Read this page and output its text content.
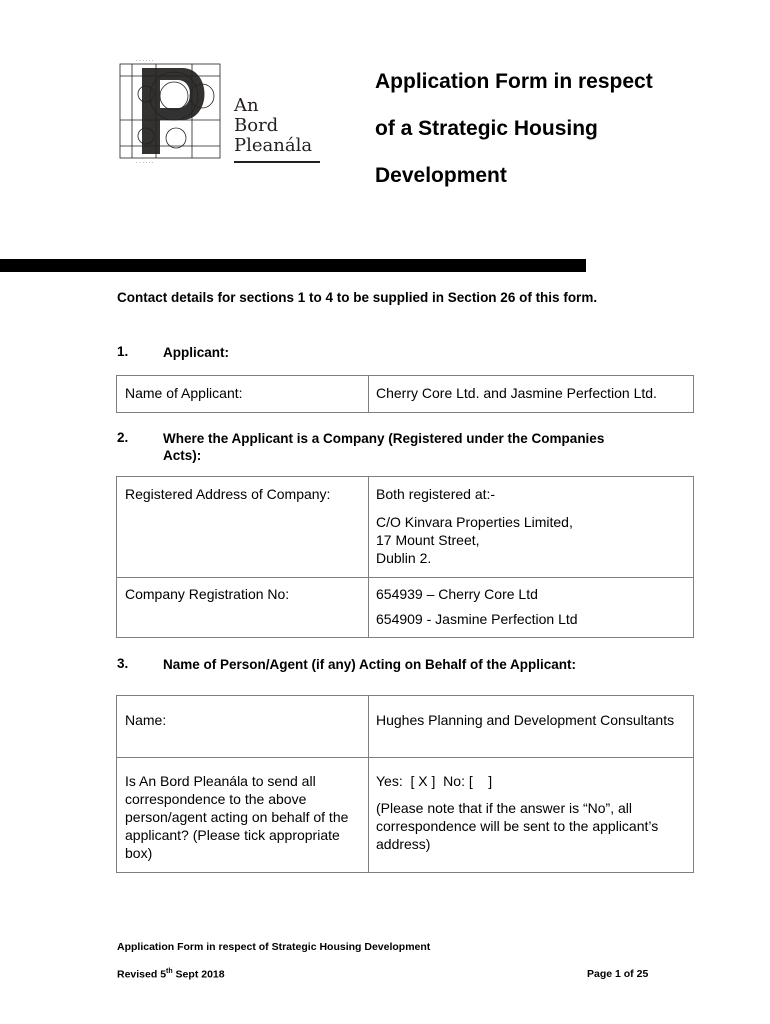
· · · · · ·
· · · · · ·
An
Bord
Pleanála
Application Form in respect
of a Strategic Housing
Development
Contact details for sections 1 to 4 to be supplied in Section 26 of this form.
1.	Applicant:
Name of Applicant:	Cherry Core Ltd. and Jasmine Perfection Ltd.
2.	Where the Applicant is a Company (Registered under the Companies Acts):
Registered Address of Company:	Both registered at:-

C/O Kinvara Properties Limited,

17 Mount Street,

Dublin 2.

Company Registration No:	654939 – Cherry Core Ltd

654909 - Jasmine Perfection Ltd

3.	Name of Person/Agent (if any) Acting on Behalf of the Applicant:
Name:	Hughes Planning and Development Consultants
Is An Bord Pleanála to send all correspondence to the above person/agent acting on behalf of the applicant? (Please tick appropriate box)	Yes:  [ X ]  No: [    ]

(Please note that if the answer is “No”, all correspondence will be sent to the applicant’s address)

Application Form in respect of Strategic Housing Development
Revised 5th Sept 2018	Page 1 of 25
